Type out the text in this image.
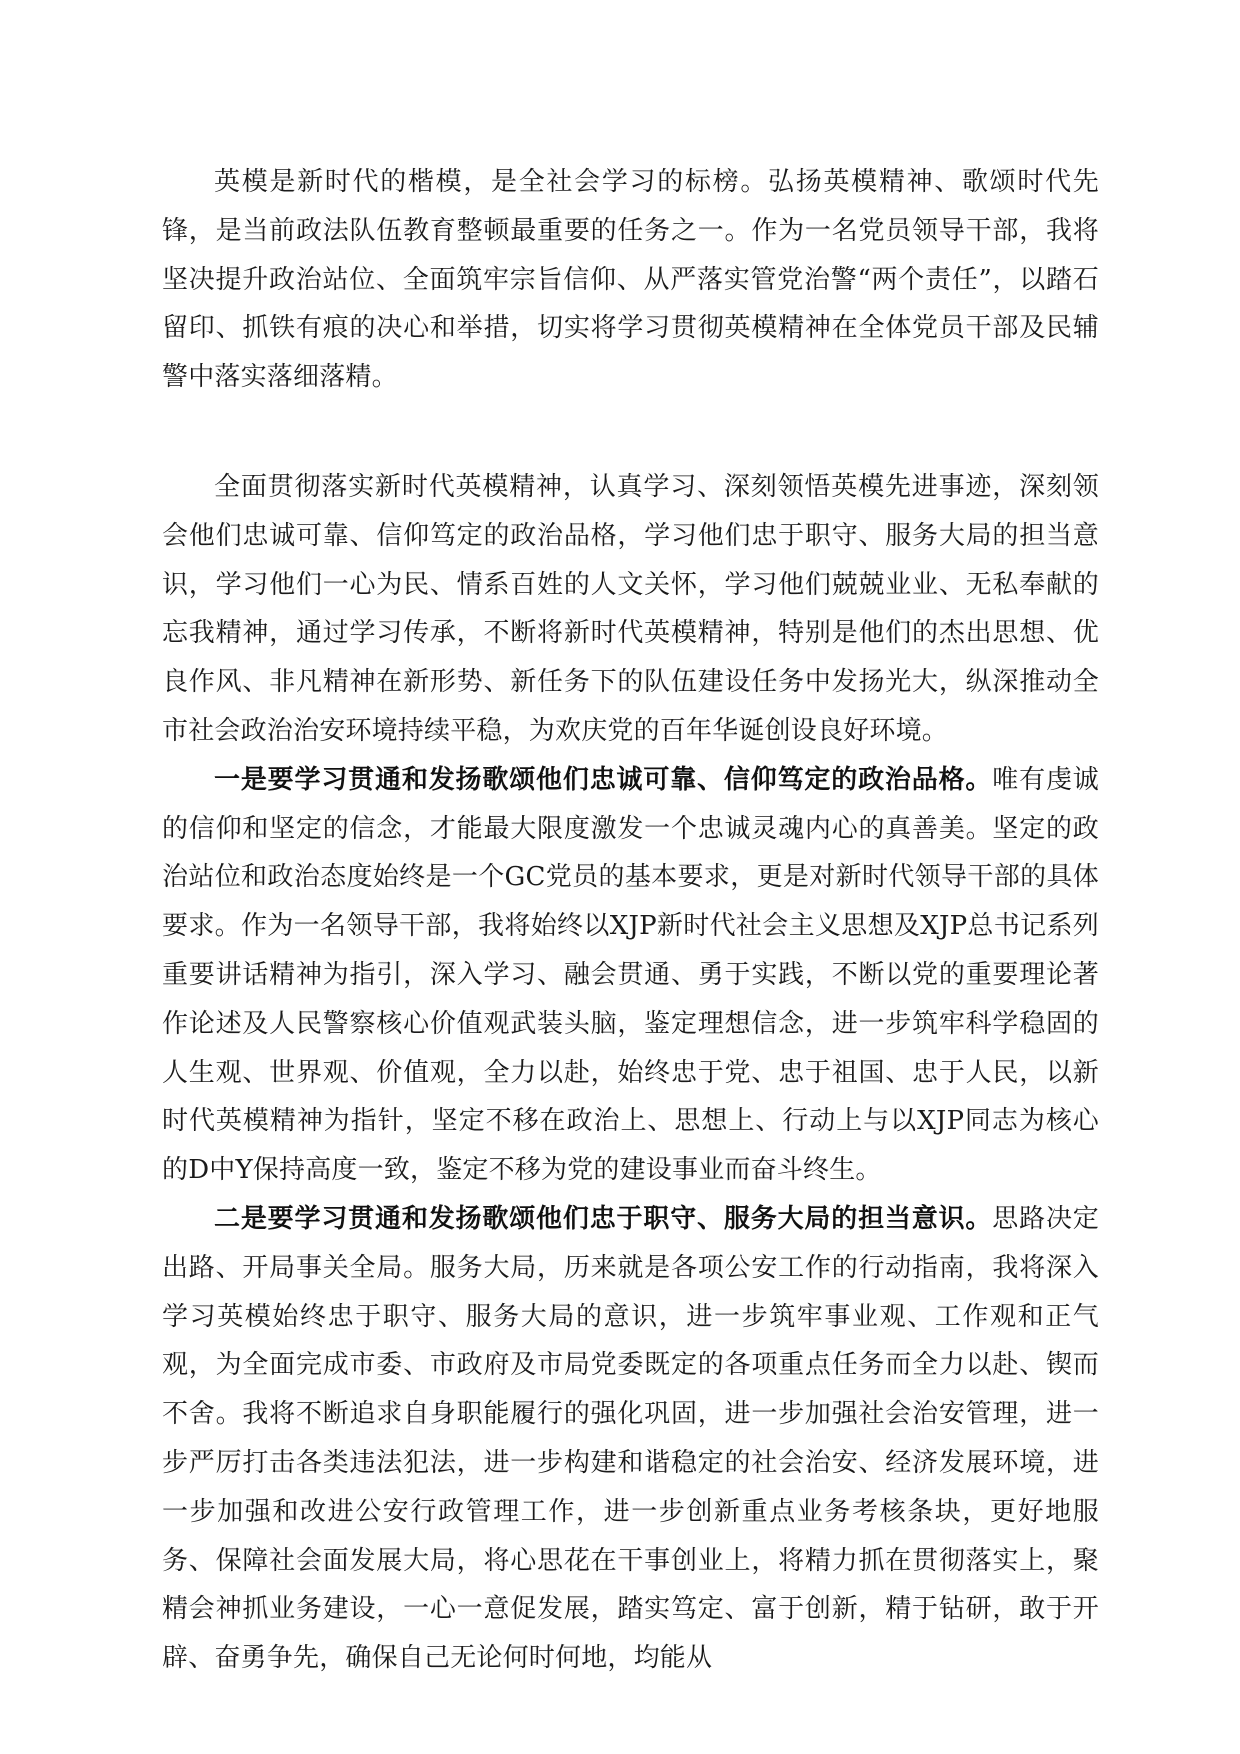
英模是新时代的楷模，是全社会学习的标榜。弘扬英模精神、歌颂时代先锋，是当前政法队伍教育整顿最重要的任务之一。作为一名党员领导干部，我将坚决提升政治站位、全面筑牢宗旨信仰、从严落实管党治警“两个责任”，以踏石留印、抓铁有痕的决心和举措，切实将学习贯彻英模精神在全体党员干部及民辅警中落实落细落精。

全面贯彻落实新时代英模精神，认真学习、深刻领悟英模先进事迹，深刻领会他们忠诚可靠、信仰笃定的政治品格，学习他们忠于职守、服务大局的担当意识，学习他们一心为民、情系百姓的人文关怀，学习他们兢兢业业、无私奉献的忘我精神，通过学习传承，不断将新时代英模精神，特别是他们的杰出思想、优良作风、非凡精神在新形势、新任务下的队伍建设任务中发扬光大，纵深推动全市社会政治治安环境持续平稳，为欢庆党的百年华诞创设良好环境。

一是要学习贯通和发扬歌颂他们忠诚可靠、信仰笃定的政治品格。唯有虔诚的信仰和坚定的信念，才能最大限度激发一个忠诚灵魂内心的真善美。坚定的政治站位和政治态度始终是一个GC党员的基本要求，更是对新时代领导干部的具体要求。作为一名领导干部，我将始终以XJP新时代社会主义思想及XJP总书记系列重要讲话精神为指引，深入学习、融会贯通、勇于实践，不断以党的重要理论著作论述及人民警察核心价值观武装头脑，鉴定理想信念，进一步筑牢科学稳固的人生观、世界观、价值观，全力以赴，始终忠于党、忠于祖国、忠于人民，以新时代英模精神为指针，坚定不移在政治上、思想上、行动上与以XJP同志为核心的D中Y保持高度一致，鉴定不移为党的建设事业而奋斗终生。

二是要学习贯通和发扬歌颂他们忠于职守、服务大局的担当意识。思路决定出路、开局事关全局。服务大局，历来就是各项公安工作的行动指南，我将深入学习英模始终忠于职守、服务大局的意识，进一步筑牢事业观、工作观和正气观，为全面完成市委、市政府及市局党委既定的各项重点任务而全力以赴、锲而不舍。我将不断追求自身职能履行的强化巩固，进一步加强社会治安管理，进一步严厉打击各类违法犯法，进一步构建和谐稳定的社会治安、经济发展环境，进一步加强和改进公安行政管理工作，进一步创新重点业务考核条块，更好地服务、保障社会面发展大局，将心思花在干事创业上，将精力抓在贯彻落实上，聚精会神抓业务建设，一心一意促发展，踏实笃定、富于创新，精于钻研，敢于开辟、奋勇争先，确保自己无论何时何地，均能从
